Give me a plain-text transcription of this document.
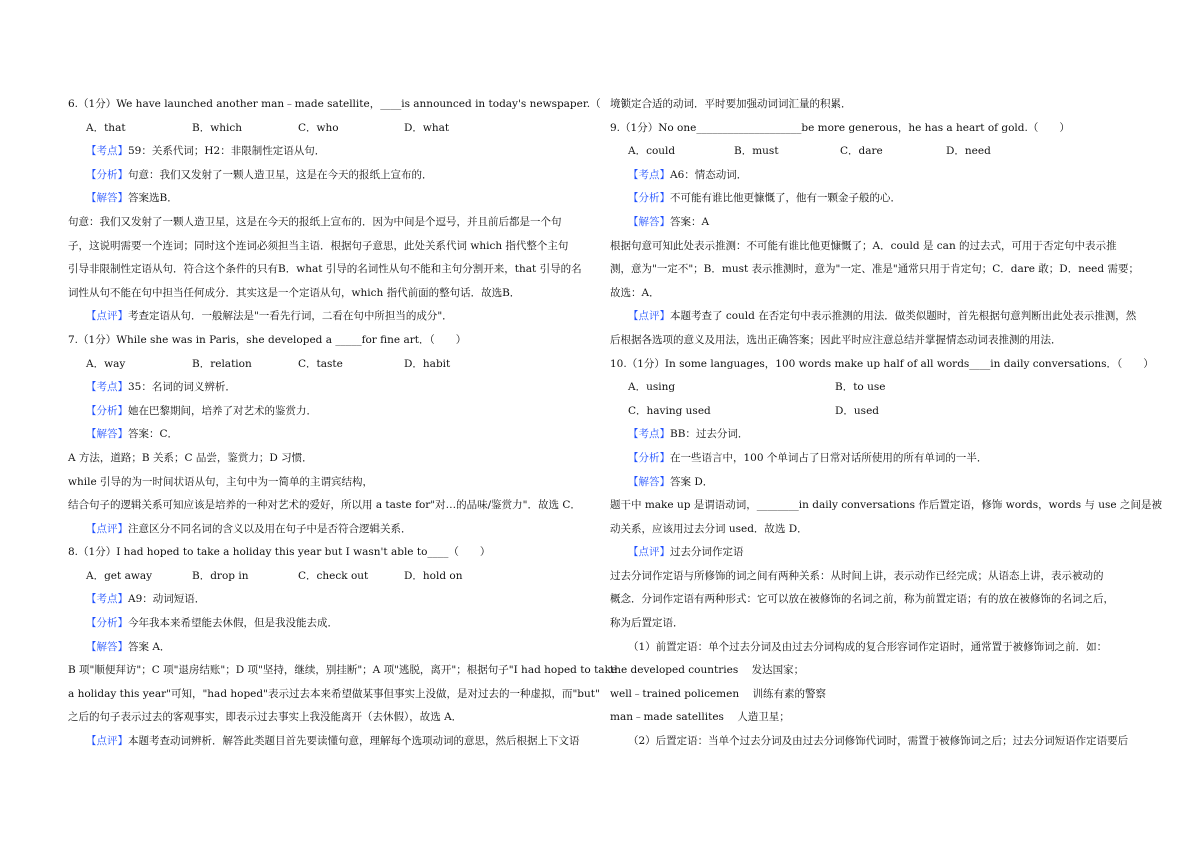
6.（1分）We have launched another man﹣made satellite，____is announced in today's newspaper.（　　）
A．that	B．which	C．who	D．what
【考点】59：关系代词；H2：非限制性定语从句．
【分析】句意：我们又发射了一颗人造卫星，这是在今天的报纸上宣布的．
【解答】答案选B．
句意：我们又发射了一颗人造卫星，这是在今天的报纸上宣布的．因为中间是个逗号，并且前后都是一个句
子，这说明需要一个连词；同时这个连词必须担当主语．根据句子意思，此处关系代词 which 指代整个主句
引导非限制性定语从句．符合这个条件的只有B．what 引导的名词性从句不能和主句分割开来，that 引导的名
词性从句不能在句中担当任何成分．其实这是一个定语从句，which 指代前面的整句话．故选B．
【点评】考查定语从句．一般解法是"一看先行词，二看在句中所担当的成分"．
7.（1分）While she was in Paris，she developed a _____for fine art．（　　）
A．way	B．relation	C．taste	D．habit
【考点】35：名词的词义辨析．
【分析】她在巴黎期间，培养了对艺术的鉴赏力．
【解答】答案：C．
A 方法，道路；B 关系；C 品尝，鉴赏力；D 习惯．
while 引导的为一时间状语从句，主句中为一简单的主谓宾结构，
结合句子的逻辑关系可知应该是培养的一种对艺术的爱好，所以用 a taste for"对…的品味/鉴赏力"．故选 C．
【点评】注意区分不同名词的含义以及用在句子中是否符合逻辑关系．
8.（1分）I had hoped to take a holiday this year but I wasn't able to____（　　）
A．get away	B．drop in	C．check out	D．hold on
【考点】A9：动词短语．
【分析】今年我本来希望能去休假，但是我没能去成．
【解答】答案 A．
B 项"顺便拜访"；C 项"退房结账"；D 项"坚持，继续，别挂断"；A 项"逃脱，离开"；根据句子"I had hoped to take
a holiday this year"可知，"had hoped"表示过去本来希望做某事但事实上没做，是对过去的一种虚拟，而"but"
之后的句子表示过去的客观事实，即表示过去事实上我没能离开（去休假），故选 A．
【点评】本题考查动词辨析．解答此类题目首先要读懂句意，理解每个选项动词的意思，然后根据上下文语
境锁定合适的动词．平时要加强动词词汇量的积累．
9.（1分）No one____________________be more generous，he has a heart of gold.（　　）
A．could	B．must	C．dare	D．need
【考点】A6：情态动词．
【分析】不可能有谁比他更慷慨了，他有一颗金子般的心．
【解答】答案：A
根据句意可知此处表示推测：不可能有谁比他更慷慨了；A．could 是 can 的过去式，可用于否定句中表示推
测，意为"一定不"；B．must 表示推测时，意为"一定、准是"通常只用于肯定句；C．dare 敢；D．need 需要；
故选：A．
【点评】本题考查了 could 在否定句中表示推测的用法．做类似题时，首先根据句意判断出此处表示推测，然
后根据各选项的意义及用法，选出正确答案；因此平时应注意总结并掌握情态动词表推测的用法．
10.（1分）In some languages，100 words make up half of all words____in daily conversations．（　　）
A．using	B．to use
C．having used	D．used
【考点】BB：过去分词．
【分析】在一些语言中，100 个单词占了日常对话所使用的所有单词的一半．
【解答】答案 D．
题干中 make up 是谓语动词，________in daily conversations 作后置定语，修饰 words，words 与 use 之间是被
动关系，应该用过去分词 used．故选 D．
【点评】过去分词作定语
过去分词作定语与所修饰的词之间有两种关系：从时间上讲，表示动作已经完成；从语态上讲，表示被动的
概念．分词作定语有两种形式：它可以放在被修饰的名词之前，称为前置定语；有的放在被修饰的名词之后，
称为后置定语．
（1）前置定语：单个过去分词及由过去分词构成的复合形容词作定语时，通常置于被修饰词之前．如：
the developed countries 发达国家；
well﹣trained policemen 训练有素的警察
man﹣made satellites 人造卫星；
（2）后置定语：当单个过去分词及由过去分词修饰代词时，需置于被修饰词之后；过去分词短语作定语要后
